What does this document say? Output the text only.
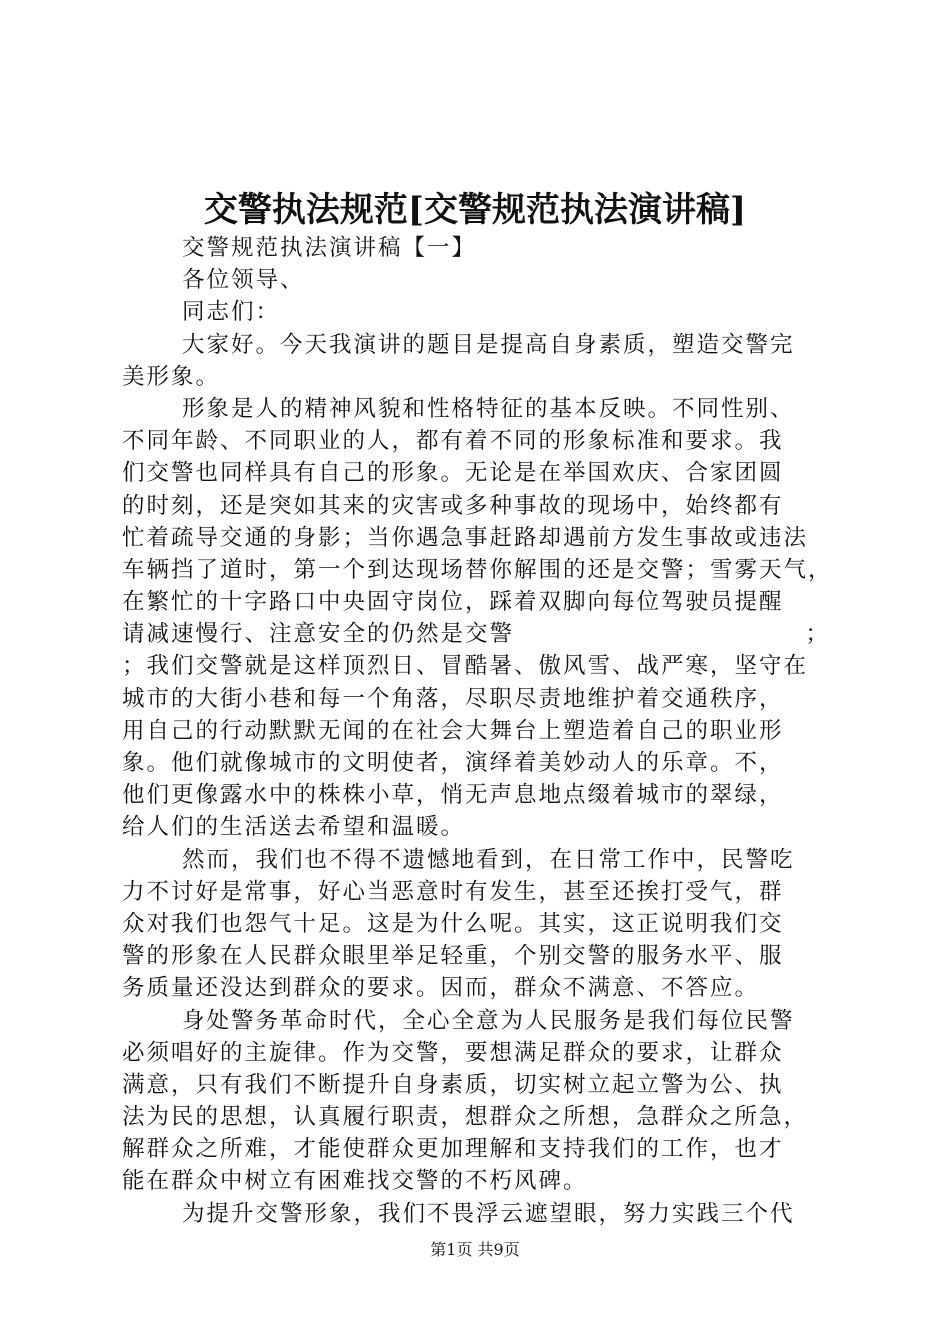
交警执法规范[交警规范执法演讲稿]
交警规范执法演讲稿【一】
各位领导、
同志们：
大家好。今天我演讲的题目是提高自身素质，塑造交警完
美形象。
形象是人的精神风貌和性格特征的基本反映。不同性别、
不同年龄、不同职业的人，都有着不同的形象标准和要求。我
们交警也同样具有自己的形象。无论是在举国欢庆、合家团圆
的时刻，还是突如其来的灾害或多种事故的现场中，始终都有
忙着疏导交通的身影；当你遇急事赶路却遇前方发生事故或违法
车辆挡了道时，第一个到达现场替你解围的还是交警；雪雾天气，
在繁忙的十字路口中央固守岗位，踩着双脚向每位驾驶员提醒
请减速慢行、注意安全的仍然是交警	；
；我们交警就是这样顶烈日、冒酷暑、傲风雪、战严寒，坚守在
城市的大街小巷和每一个角落，尽职尽责地维护着交通秩序，
用自己的行动默默无闻的在社会大舞台上塑造着自己的职业形
象。他们就像城市的文明使者，演绎着美妙动人的乐章。不，
他们更像露水中的株株小草，悄无声息地点缀着城市的翠绿，
给人们的生活送去希望和温暖。
然而，我们也不得不遗憾地看到，在日常工作中，民警吃
力不讨好是常事，好心当恶意时有发生，甚至还挨打受气，群
众对我们也怨气十足。这是为什么呢。其实，这正说明我们交
警的形象在人民群众眼里举足轻重，个别交警的服务水平、服
务质量还没达到群众的要求。因而，群众不满意、不答应。
身处警务革命时代，全心全意为人民服务是我们每位民警
必须唱好的主旋律。作为交警，要想满足群众的要求，让群众
满意，只有我们不断提升自身素质，切实树立起立警为公、执
法为民的思想，认真履行职责，想群众之所想，急群众之所急，
解群众之所难，才能使群众更加理解和支持我们的工作，也才
能在群众中树立有困难找交警的不朽风碑。
为提升交警形象，我们不畏浮云遮望眼，努力实践三个代
第1页 共9页
